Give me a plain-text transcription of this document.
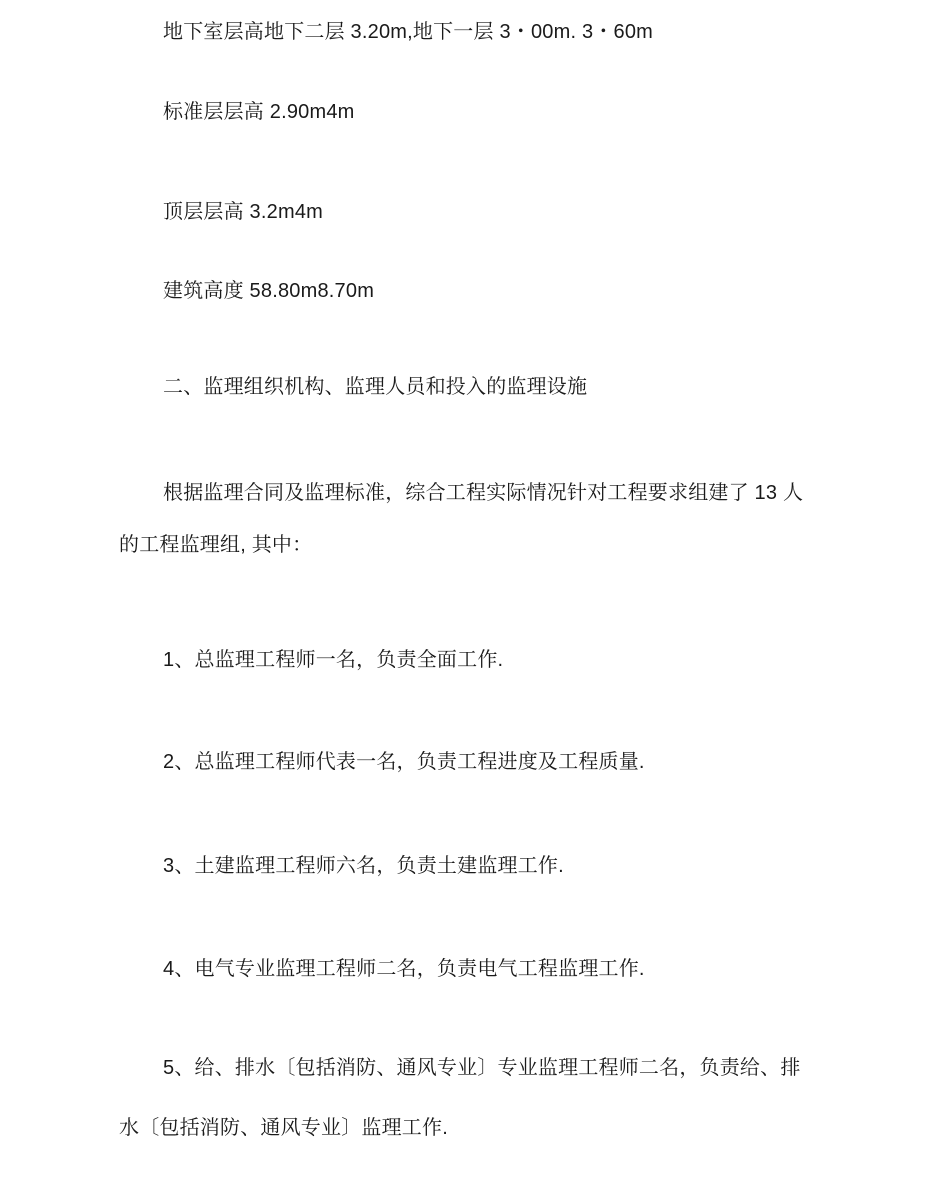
地下室层高地下二层 3.20m,地下一层 3・00m. 3・60m
标准层层高 2.90m4m
顶层层高 3.2m4m
建筑高度 58.80m8.70m
二、监理组织机构、监理人员和投入的监理设施
根据监理合同及监理标准，综合工程实际情况针对工程要求组建了 13 人
的工程监理组, 其中：
1、总监理工程师一名，负责全面工作.
2、总监理工程师代表一名，负责工程进度及工程质量.
3、土建监理工程师六名，负责土建监理工作.
4、电气专业监理工程师二名，负责电气工程监理工作.
5、给、排水〔包括消防、通风专业〕专业监理工程师二名，负责给、排
水〔包括消防、通风专业〕监理工作.
